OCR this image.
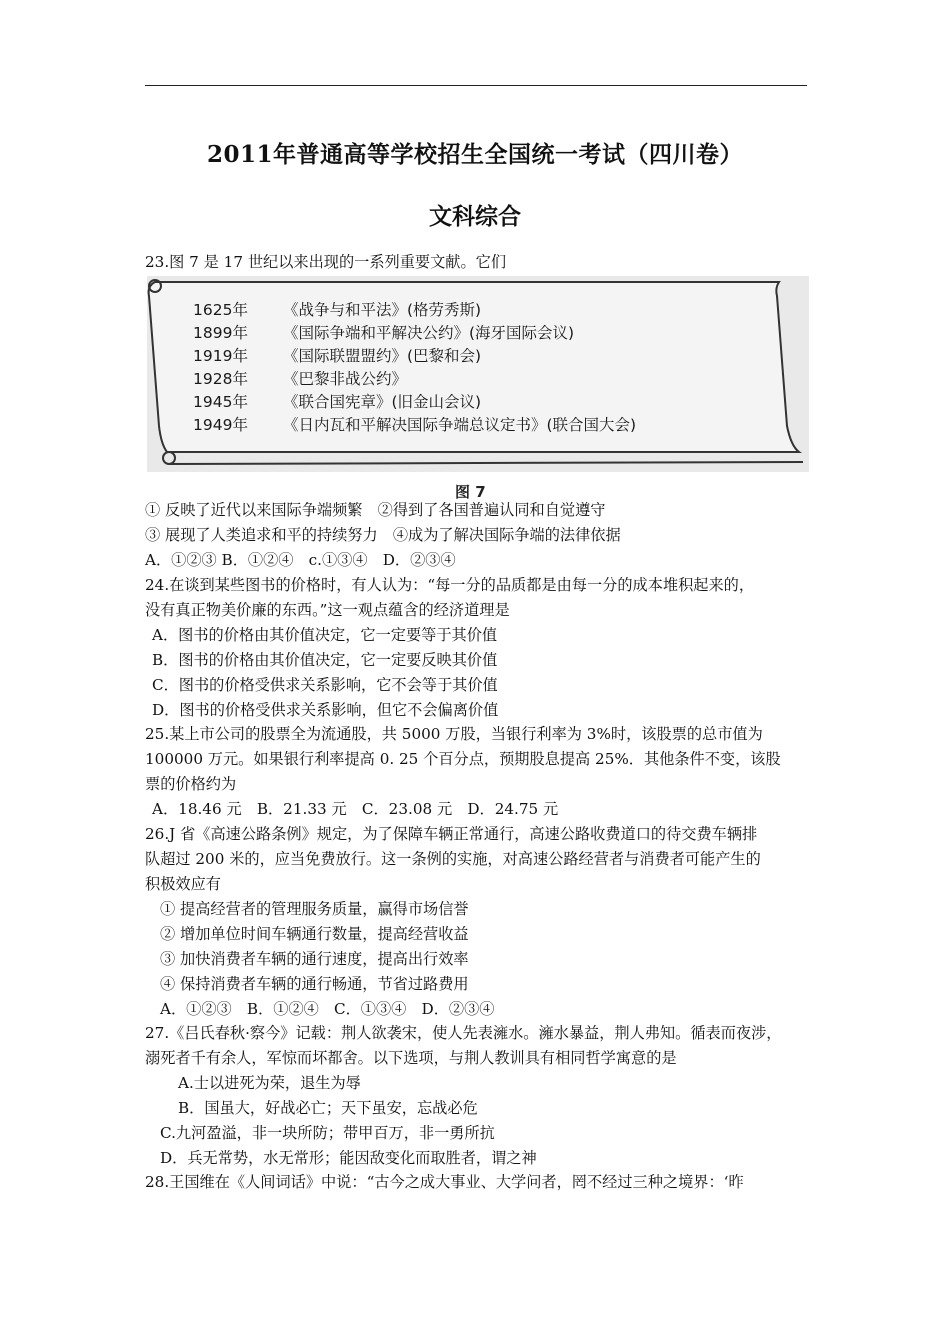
2011年普通高等学校招生全国统一考试（四川卷）
文科综合
23.图 7 是 17 世纪以来出现的一系列重要文献。它们
1625年 《战争与和平法》(格劳秀斯)
1899年 《国际争端和平解决公约》(海牙国际会议)
1919年 《国际联盟盟约》(巴黎和会)
1928年 《巴黎非战公约》
1945年 《联合国宪章》(旧金山会议)
1949年 《日内瓦和平解决国际争端总议定书》(联合国大会)
图 7
① 反映了近代以来国际争端频繁　②得到了各国普遍认同和自觉遵守
③ 展现了人类追求和平的持续努力　④成为了解决国际争端的法律依据
A．①②③ B．①②④　c.①③④　D．②③④
24.在谈到某些图书的价格时，有人认为：“每一分的品质都是由每一分的成本堆积起来的，
没有真正物美价廉的东西。”这一观点蕴含的经济道理是
A．图书的价格由其价值决定，它一定要等于其价值
B．图书的价格由其价值决定，它一定要反映其价值
C．图书的价格受供求关系影响，它不会等于其价值
D．图书的价格受供求关系影响，但它不会偏离价值
25.某上市公司的股票全为流通股，共 5000 万股，当银行利率为 3%时，该股票的总市值为
100000 万元。如果银行利率提高 0. 25 个百分点，预期股息提高 25%．其他条件不变，该股
票的价格约为
A．18.46 元　B．21.33 元　C．23.08 元　D．24.75 元
26.J 省《高速公路条例》规定，为了保障车辆正常通行，高速公路收费道口的待交费车辆排
队超过 200 米的，应当免费放行。这一条例的实施，对高速公路经营者与消费者可能产生的
积极效应有
① 提高经营者的管理服务质量，赢得市场信誉
② 增加单位时间车辆通行数量，提高经营收益
③ 加快消费者车辆的通行速度，提高出行效率
④ 保持消费者车辆的通行畅通，节省过路费用
A．①②③　B．①②④　C．①③④　D．②③④
27.《吕氏春秋·察今》记载：荆人欲袭宋，使人先表澭水。澭水暴益，荆人弗知。循表而夜涉，
溺死者千有余人，军惊而坏都舍。以下选项，与荆人教训具有相同哲学寓意的是
A.士以进死为荣，退生为辱
B．国虽大，好战必亡；天下虽安，忘战必危
C.九河盈溢，非一块所防；带甲百万，非一勇所抗
D．兵无常势，水无常形；能因敌变化而取胜者，谓之神
28.王国维在《人间词话》中说：“古今之成大事业、大学问者，罔不经过三种之境界：‘昨
